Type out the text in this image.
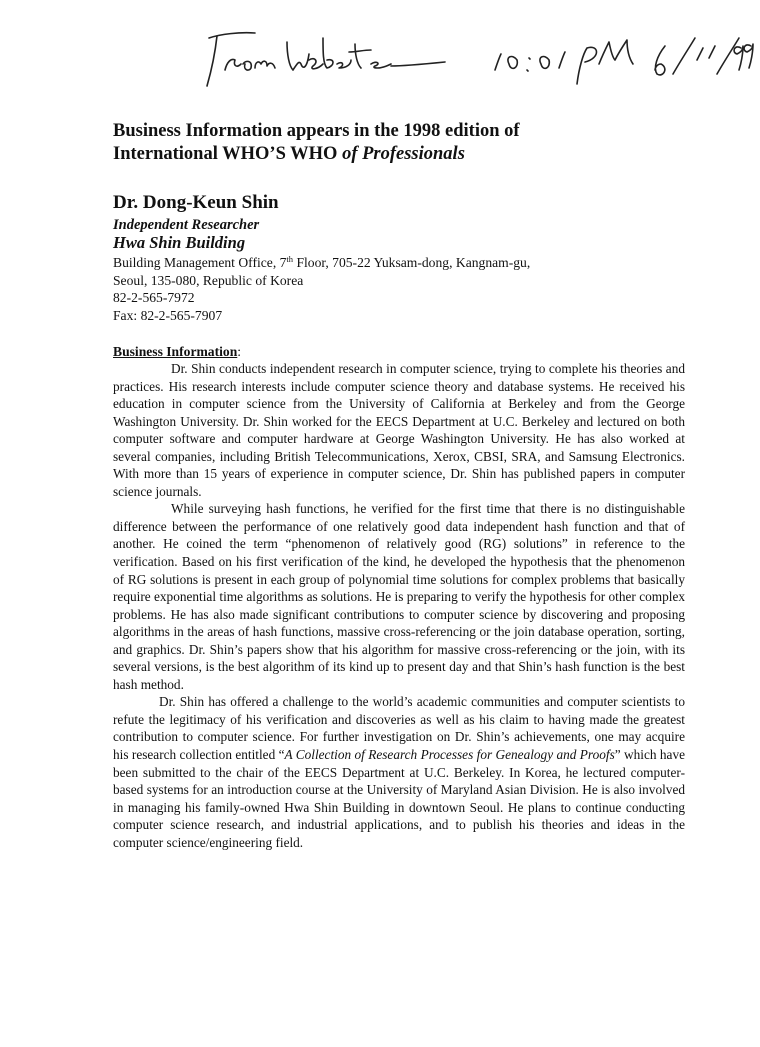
Business Information appears in the 1998 edition of
International WHO’S WHO of Professionals
Dr. Dong-Keun Shin
Independent Researcher
Hwa Shin Building
Building Management Office, 7th Floor, 705-22 Yuksam-dong, Kangnam-gu,
Seoul, 135-080, Republic of Korea
82-2-565-7972
Fax: 82-2-565-7907
Business Information:

Dr. Shin conducts independent research in computer science, trying to complete his theories and practices. His research interests include computer science theory and database systems. He received his education in computer science from the University of California at Berkeley and from the George Washington University. Dr. Shin worked for the EECS Department at U.C. Berkeley and lectured on both computer software and computer hardware at George Washington University. He has also worked at several companies, including British Telecommunications, Xerox, CBSI, SRA, and Samsung Electronics. With more than 15 years of experience in computer science, Dr. Shin has published papers in computer science journals.

While surveying hash functions, he verified for the first time that there is no distinguishable difference between the performance of one relatively good data independent hash function and that of another. He coined the term “phenomenon of relatively good (RG) solutions” in reference to the verification. Based on his first verification of the kind, he developed the hypothesis that the phenomenon of RG solutions is present in each group of polynomial time solutions for complex problems that basically require exponential time algorithms as solutions. He is preparing to verify the hypothesis for other complex problems. He has also made significant contributions to computer science by discovering and proposing algorithms in the areas of hash functions, massive cross-referencing or the join database operation, sorting, and graphics. Dr. Shin’s papers show that his algorithm for massive cross-referencing or the join, with its several versions, is the best algorithm of its kind up to present day and that Shin’s hash function is the best hash method.

Dr. Shin has offered a challenge to the world’s academic communities and computer scientists to refute the legitimacy of his verification and discoveries as well as his claim to having made the greatest contribution to computer science. For further investigation on Dr. Shin’s achievements, one may acquire his research collection entitled “A Collection of Research Processes for Genealogy and Proofs” which have been submitted to the chair of the EECS Department at U.C. Berkeley. In Korea, he lectured computer-based systems for an introduction course at the University of Maryland Asian Division. He is also involved in managing his family-owned Hwa Shin Building in downtown Seoul. He plans to continue conducting computer science research, and industrial applications, and to publish his theories and ideas in the computer science/engineering field.
